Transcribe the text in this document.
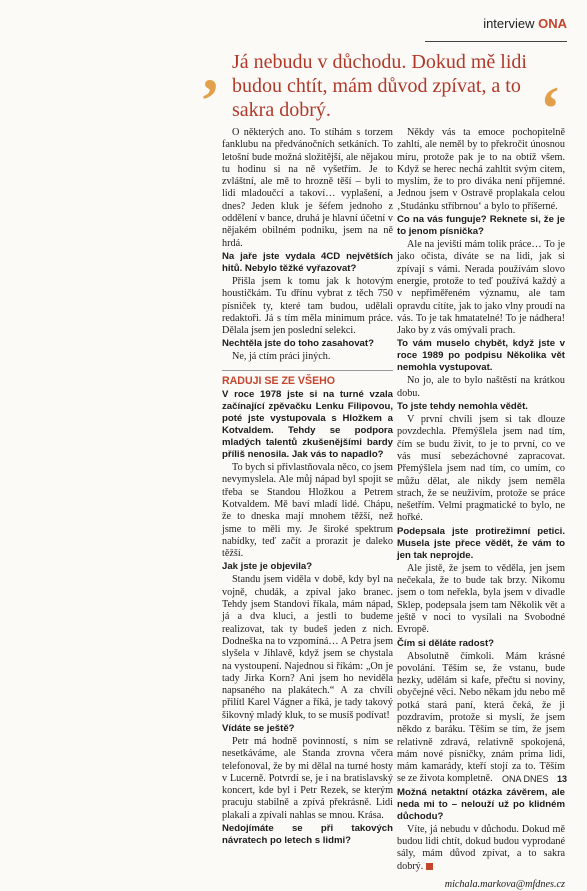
interview ONA
‚ Já nebudu v důchodu. Dokud mě lidi budou chtít, mám důvod zpívat, a to sakra dobrý.	‘

O některých ano. To stíhám s torzem fanklubu na předvánočních setkáních. To letošní bude možná složitější, ale nějakou tu hodinu si na ně vyšetřím. Je to zvláštní, ale mě to hrozně těší – byli to lidi mladoučcí a takoví… vyplašení, a dnes? Jeden kluk je šéfem jednoho z oddělení v bance, druhá je hlavní účetní v nějakém obilném podniku, jsem na ně hrdá.

Na jaře jste vydala 4CD největších hitů. Nebylo těžké vyřazovat?

Přišla jsem k tomu jak k hotovým houstičkám. Tu dřínu vybrat z těch 750 písniček ty, které tam budou, udělali redaktoři. Já s tím měla minimum práce. Dělala jsem jen poslední selekci.

Nechtěla jste do toho zasahovat?

Ne, já ctím práci jiných.

RADUJI SE ZE VŠEHO

V roce 1978 jste si na turné vzala začínající zpěvačku Lenku Filipovou, poté jste vystupovala s Hložkem a Kotvaldem. Tehdy se podpora mladých talentů zkušenějšími bardy příliš nenosila. Jak vás to napadlo?

To bych si přivlastňovala něco, co jsem nevymyslela. Ale můj nápad byl spojit se třeba se Standou Hložkou a Petrem Kotvaldem. Mě baví mladí lidé. Chápu, že to dneska mají mnohem těžší, než jsme to měli my. Je široké spektrum nabídky, teď začít a prorazit je daleko těžší.

Jak jste je objevila?

Standu jsem viděla v době, kdy byl na vojně, chudák, a zpíval jako branec. Tehdy jsem Standovi říkala, mám nápad, já a dva kluci, a jestli to budeme realizovat, tak ty budeš jeden z nich. Dodneška na to vzpomíná… A Petra jsem slyšela v Jihlavě, když jsem se chystala na vystoupení. Najednou si říkám: „On je tady Jirka Korn? Ani jsem ho neviděla napsaného na plakátech.“ A za chvíli přilítl Karel Vágner a říká, je tady takový šikovný mladý kluk, to se musíš podívat!

Vídáte se ještě?

Petr má hodně povinností, s ním se nesetkáváme, ale Standa zrovna včera telefonoval, že by mi dělal na turné hosty v Lucerně. Potvrdí se, je i na bratislavský koncert, kde byl i Petr Rezek, se kterým pracuju stabilně a zpívá překrásně. Lidi plakali a zpívali nahlas se mnou. Krása.

Nedojímáte se při takových návratech po letech s lidmi?

Někdy vás ta emoce pochopitelně zahltí, ale neměl by to překročit únosnou míru, protože pak je to na obtíž všem. Když se herec nechá zahltit svým citem, myslím, že to pro diváka není příjemné. Jednou jsem v Ostravě proplakala celou ‚Studánku stříbrnou‘ a bylo to příšerné.

Co na vás funguje? Reknete si, že je to jenom písnička?

Ale na jevišti mám tolik práce… To je jako očista, díváte se na lidi, jak si zpívají s vámi. Nerada používám slovo energie, protože to teď používá každý a v nepřiměřeném významu, ale tam opravdu cítíte, jak to jako vlny proudí na vás. To je tak hmatatelné! To je nádhera! Jako by z vás omývali prach.

To vám muselo chybět, když jste v roce 1989 po podpisu Několika vět nemohla vystupovat.

No jo, ale to bylo naštěstí na krátkou dobu.

To jste tehdy nemohla vědět.

V první chvíli jsem si tak dlouze povzdechla. Přemýšlela jsem nad tím, čím se budu živit, to je to první, co ve vás musí sebezáchovné zapracovat. Přemýšlela jsem nad tím, co umím, co můžu dělat, ale nikdy jsem neměla strach, že se neuživím, protože se práce nešetřím. Velmi pragmatické to bylo, ne hořké.

Podepsala jste protirežimní petici. Musela jste přece vědět, že vám to jen tak neprojde.

Ale jistě, že jsem to věděla, jen jsem nečekala, že to bude tak brzy. Nikomu jsem o tom neřekla, byla jsem v divadle Sklep, podepsala jsem tam Několik vět a ještě v noci to vysílali na Svobodné Evropě.

Čím si děláte radost?

Absolutně čímkoli. Mám krásné povolání. Těším se, že vstanu, bude hezky, udělám si kafe, přečtu si noviny, obyčejné věci. Nebo někam jdu nebo mě potká stará paní, která čeká, že ji pozdravím, protože si myslí, že jsem někdo z baráku. Těším se tím, že jsem relativně zdravá, relativně spokojená, mám nové písničky, znám prima lidi, mám kamarády, kteří stojí za to. Těším se ze života kompletně.

Možná netaktní otázka závěrem, ale neda mi to – nelouží už po klidném důchodu?

Víte, já nebudu v důchodu. Dokud mě budou lidi chtít, dokud budou vyprodané sály, mám důvod zpívat, a to sakra dobrý.

michala.markova@mfdnes.cz

ONA DNES 13
